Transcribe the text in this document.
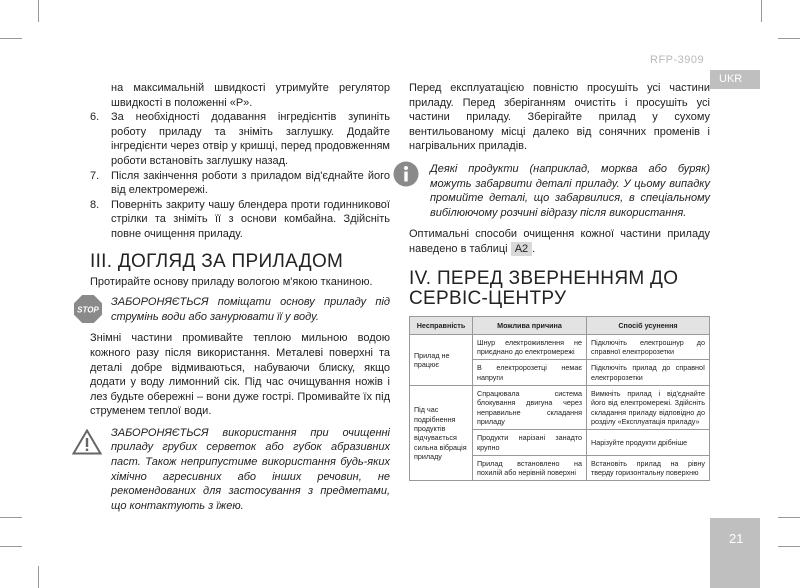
RFP-3909
UKR
21

на максимальній швидкості утримуйте регулятор швидкості в положенні «P».

6. За необхідності додавання інгредієнтів зупиніть роботу приладу та зніміть заглушку. Додайте інгредієнти через отвір у кришці, перед продовженням роботи встановіть заглушку назад.

7. Після закінчення роботи з приладом від'єднайте його від електромережі.

8. Поверніть закриту чашу блендера проти годинникової стрілки та зніміть її з основи комбайна. Здійсніть повне очищення приладу.

III. ДОГЛЯД ЗА ПРИЛАДОМ

Протирайте основу приладу вологою м'якою тканиною.

STOP
ЗАБОРОНЯЄТЬСЯ поміщати основу приладу під струмінь води або занурювати її у воду.

Знімні частини промивайте теплою мильною водою кожного разу після використання. Металеві поверхні та деталі добре відмиваються, набуваючи блиску, якщо додати у воду лимонний сік. Під час очищування ножів і лез будьте обережні – вони дуже гострі. Промивайте їх під струменем теплої води.

ЗАБОРОНЯЄТЬСЯ використання при очищенні приладу грубих серветок або губок абразивних паст. Також неприпустиме використання будь-яких хімічно агресивних або інших речовин, не рекомендованих для застосування з предметами, що контактують з їжею.

Перед експлуатацією повністю просушіть усі частини приладу. Перед зберіганням очистіть і просушіть усі частини приладу. Зберігайте прилад у сухому вентильованому місці далеко від сонячних променів і нагрівальних приладів.

Деякі продукти (наприклад, морква або буряк) можуть забарвити деталі приладу. У цьому випадку промийте деталі, що забарвилися, в спеціальному вибілюючому розчині відразу після використання.

Оптимальні способи очищення кожної частини приладу наведено в таблиці A2 .

IV. ПЕРЕД ЗВЕРНЕННЯМ ДО СЕРВІС-ЦЕНТРУ
Несправність	Можлива причина	Спосіб усунення
Прилад не працює	Шнур електроживлення не приєднано до електромережі	Підключіть електрошнур до справної електророзетки
	В електророзетці немає напруги	Підключіть прилад до справної електророзетки
Під час подрібнення продуктів відчувається сильна вібрація приладу	Спрацювала система блокування двигуна через неправильне складання приладу	Вимкніть прилад і від'єднайте його від електромережі. Здійсніть складання приладу відповідно до розділу «Експлуатація приладу»
	Продукти нарізані занадто крупно	Нарізуйте продукти дрібніше
	Прилад встановлено на похилій або нерівній поверхні	Встановіть прилад на рівну тверду горизонтальну поверхню
